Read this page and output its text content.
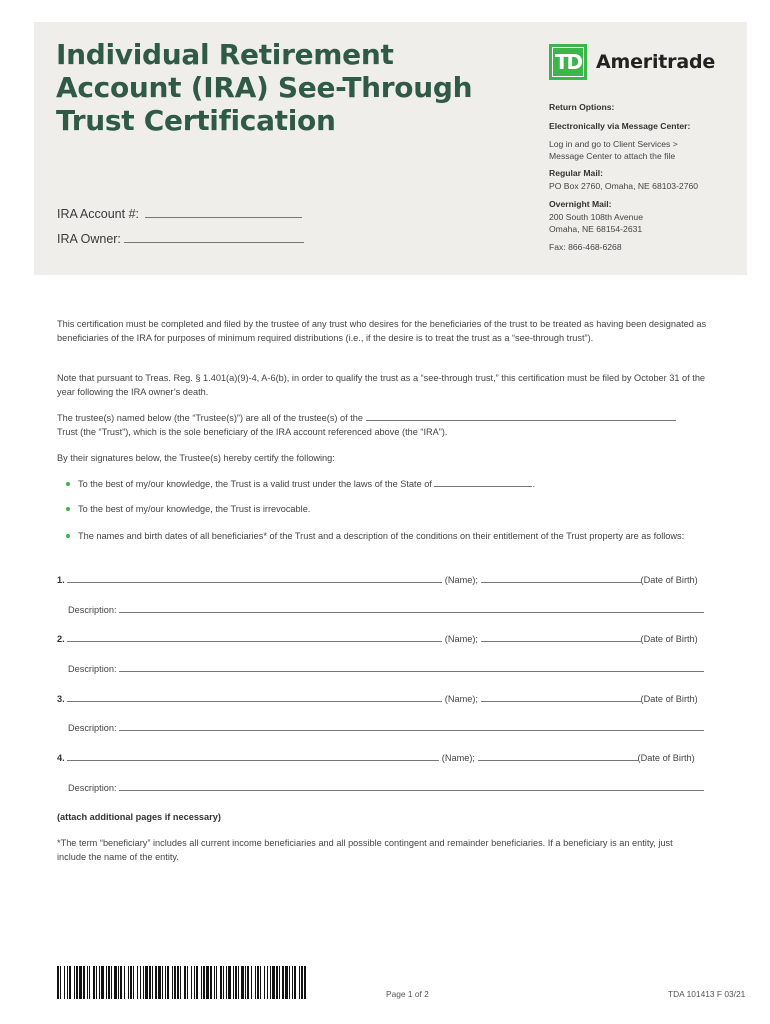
Individual Retirement
Account (IRA) See-Through
Trust Certification
IRA Account #:
IRA Owner:
TD Ameritrade
Return Options:
Electronically via Message Center:
Log in and go to Client Services >
Message Center to attach the file
Regular Mail:
PO Box 2760, Omaha, NE 68103-2760
Overnight Mail:
200 South 108th Avenue
Omaha, NE 68154-2631
Fax: 866-468-6268
This certification must be completed and filed by the trustee of any trust who desires for the beneficiaries of the trust to be treated as having been designated as beneficiaries of the IRA for purposes of minimum required distributions (i.e., if the desire is to treat the trust as a “see-through trust”).
Note that pursuant to Treas. Reg. § 1.401(a)(9)-4, A-6(b), in order to qualify the trust as a “see-through trust,” this certification must be filed by October 31 of the year following the IRA owner’s death.
The trustee(s) named below (the “Trustee(s)”) are all of the trustee(s) of the
Trust (the “Trust”), which is the sole beneficiary of the IRA account referenced above (the “IRA”).
By their signatures below, the Trustee(s) hereby certify the following:
To the best of my/our knowledge, the Trust is a valid trust under the laws of the State of	.
To the best of my/our knowledge, the Trust is irrevocable.
The names and birth dates of all beneficiaries* of the Trust and a description of the conditions on their entitlement of the Trust property are as follows:
1.	(Name);	(Date of Birth)
Description:
2.	(Name);	(Date of Birth)
Description:
3.	(Name);	(Date of Birth)
Description:
4.	(Name);	(Date of Birth)
Description:
(attach additional pages if necessary)
*The term “beneficiary” includes all current income beneficiaries and all possible contingent and remainder beneficiaries. If a beneficiary is an entity, just include the name of the entity.
Page 1 of 2	TDA 101413 F 03/21
